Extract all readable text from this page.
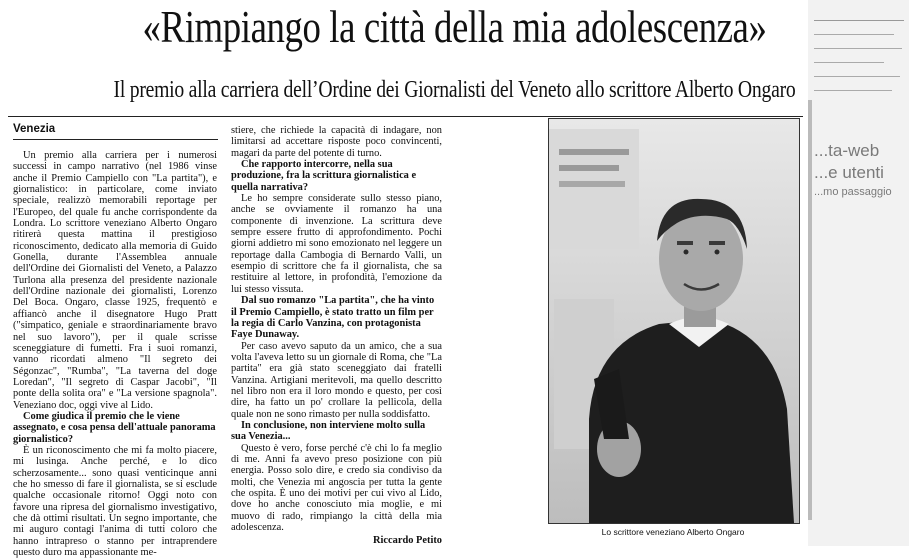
«Rimpiango la città della mia adolescenza»
Il premio alla carriera dell’Ordine dei Giornalisti del Veneto allo scrittore Alberto Ongaro
Venezia

Un premio alla carriera per i numerosi successi in campo narrativo (nel 1986 vinse anche il Premio Campiello con "La partita"), e giornalistico: in particolare, come inviato speciale, realizzò memorabili reportage per l'Europeo, del quale fu anche corrispondente da Londra. Lo scrittore veneziano Alberto Ongaro ritirerà questa mattina il prestigioso riconoscimento, dedicato alla memoria di Guido Gonella, durante l'Assemblea annuale dell'Ordine dei Giornalisti del Veneto, a Palazzo Turlona alla presenza del presidente nazionale dell'Ordine nazionale dei giornalisti, Lorenzo Del Boca. Ongaro, classe 1925, frequentò e affiancò anche il disegnatore Hugo Pratt ("simpatico, geniale e straordinariamente bravo nel suo lavoro"), per il quale scrisse sceneggiature di fumetti. Fra i suoi romanzi, vanno ricordati almeno "Il segreto dei Ségonzac", "Rumba", "La taverna del doge Loredan", "Il segreto di Caspar Jacobi", "Il ponte della solita ora" e "La versione spagnola". Veneziano doc, oggi vive al Lido.

Come giudica il premio che le viene assegnato, e cosa pensa dell'attuale panorama giornalistico?

È un riconoscimento che mi fa molto piacere, mi lusinga. Anche perché, e lo dico scherzosamente... sono quasi venticinque anni che ho smesso di fare il giornalista, se si esclude qualche occasionale ritorno! Oggi noto con favore una ripresa del giornalismo investigativo, che dà ottimi risultati. Un segno importante, che mi auguro contagi l'anima di tutti coloro che hanno intrapreso o stanno per intraprendere questo duro ma appassionante me-

stiere, che richiede la capacità di indagare, non limitarsi ad accettare risposte poco convincenti, magari da parte del potente di turno.

Che rapporto intercorre, nella sua produzione, fra la scrittura giornalistica e quella narrativa?

Le ho sempre considerate sullo stesso piano, anche se ovviamente il romanzo ha una componente di invenzione. La scrittura deve sempre essere frutto di approfondimento. Pochi giorni addietro mi sono emozionato nel leggere un reportage dalla Cambogia di Bernardo Valli, un esempio di scrittore che fa il giornalista, che sa restituire al lettore, in profondità, l'emozione da lui stesso vissuta.

Dal suo romanzo "La partita", che ha vinto il Premio Campiello, è stato tratto un film per la regia di Carlo Vanzina, con protagonista Faye Dunaway.

Per caso avevo saputo da un amico, che a sua volta l'aveva letto su un giornale di Roma, che "La partita" era già stato sceneggiato dai fratelli Vanzina. Artigiani meritevoli, ma quello descritto nel libro non era il loro mondo e questo, per così dire, ha fatto un po' crollare la pellicola, della quale non ne sono rimasto per nulla soddisfatto.

In conclusione, non interviene molto sulla sua Venezia...

Questo è vero, forse perché c'è chi lo fa meglio di me. Anni fa avevo preso posizione con più energia. Posso solo dire, e credo sia condiviso da molti, che Venezia mi angoscia per tutta la gente che ospita. È uno dei motivi per cui vivo al Lido, dove ho anche conosciuto mia moglie, e mi muovo di rado, rimpiango la città della mia adolescenza.

Riccardo Petito

Lo scrittore veneziano Alberto Ongaro
...ta-web
...e utenti
...mo passaggio
